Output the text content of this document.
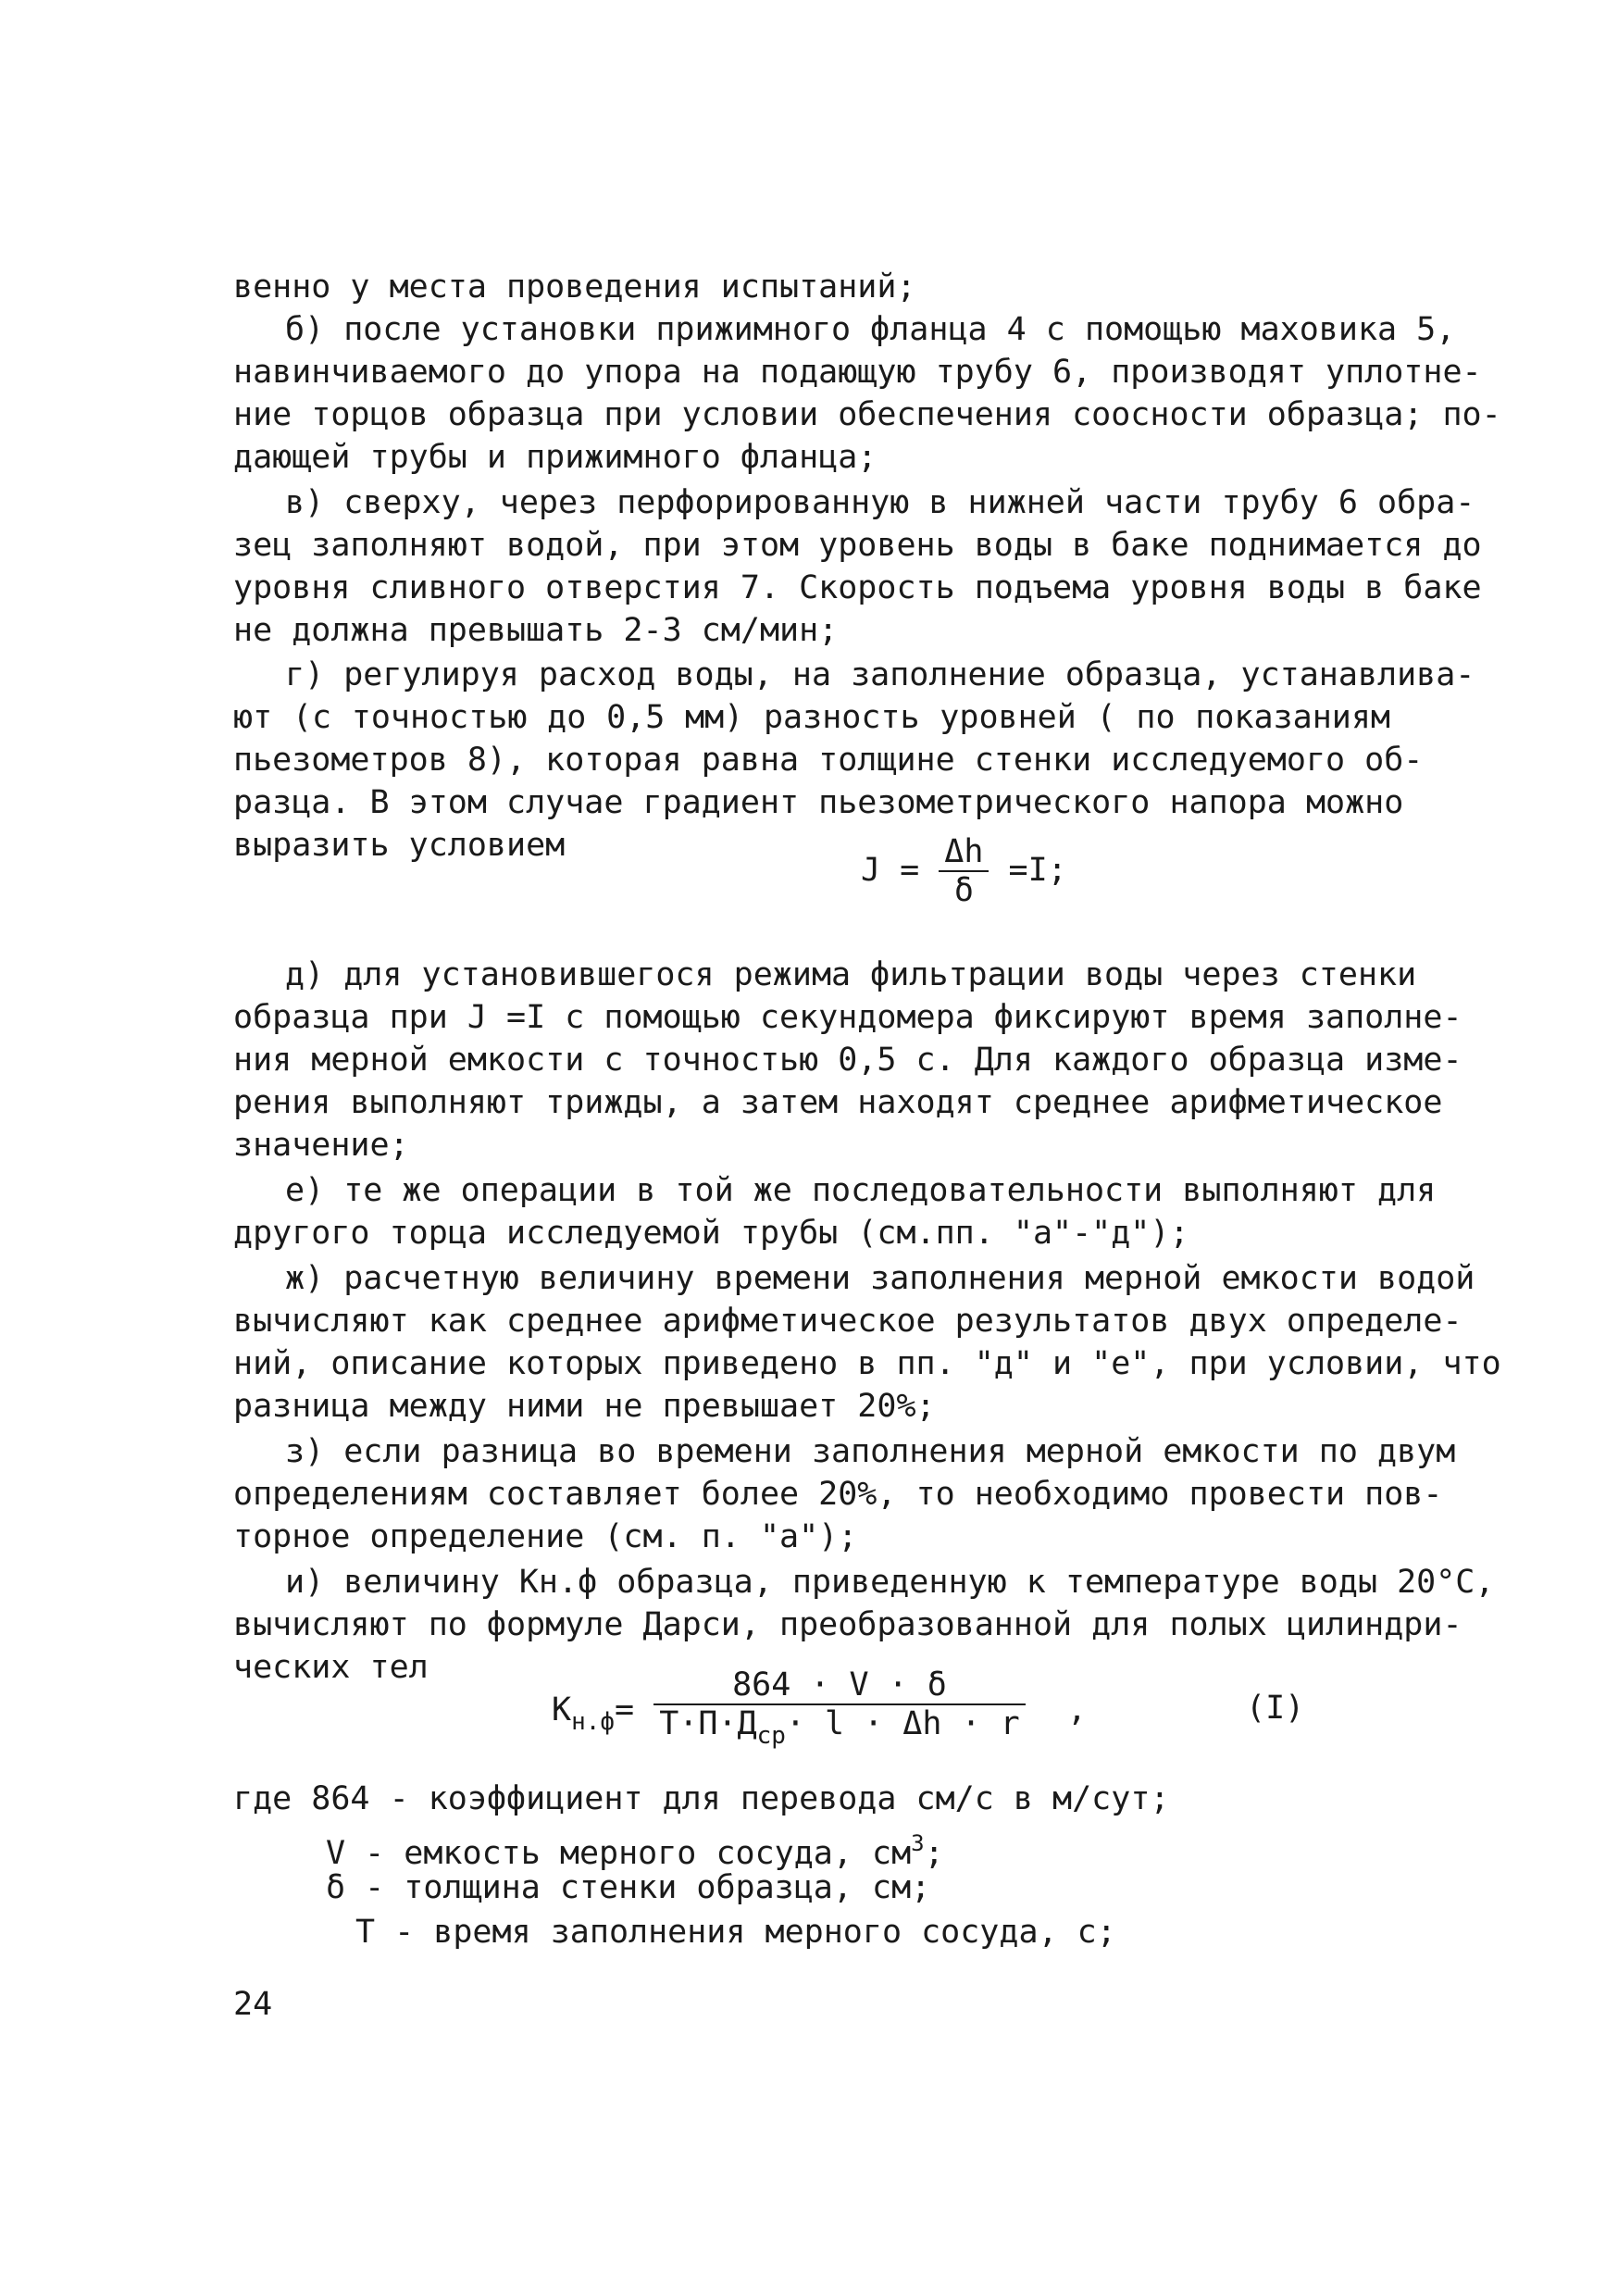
венно у места проведения испытаний;
б) после установки прижимного фланца 4 с помощью маховика 5,
навинчиваемого до упора на подающую трубу 6, производят уплотне-
ние торцов образца при условии обеспечения соосности образца; по-
дающей трубы и прижимного фланца;
в) сверху, через перфорированную в нижней части трубу 6 обра-
зец заполняют водой, при этом уровень воды в баке поднимается до
уровня сливного отверстия 7. Скорость подъема уровня воды в баке
не должна превышать 2-3 см/мин;
г) регулируя расход воды, на заполнение образца, устанавлива-
ют (с точностью до 0,5 мм) разность уровней ( по показаниям
пьезометров 8), которая равна толщине стенки исследуемого об-
разца. В этом случае градиент пьезометрического напора можно
выразить условием
$Ј = \frac{\Delta h}{\delta} =I$;
д) для установившегося режима фильтрации воды через стенки
образца при Ј =I с помощью секундомера фиксируют время заполне-
ния мерной емкости с точностью 0,5 с. Для каждого образца изме-
рения выполняют трижды, а затем находят среднее арифметическое
значение;
е) те же операции в той же последовательности выполняют для
другого торца исследуемой трубы (см.пп. "а"-"д");
ж) расчетную величину времени заполнения мерной емкости водой
вычисляют как среднее арифметическое результатов двух определе-
ний, описание которых приведено в пп. "д" и "е", при условии, что
разница между ними не превышает 20%;
з) если разница во времени заполнения мерной емкости по двум
определениям составляет более 20%, то необходимо провести пов-
торное определение (см. п. "а");
и) величину Кн.ф образца, приведенную к температуре воды 20°С,
вычисляют по формуле Дарси, преобразованной для полых цилиндри-
ческих тел
$К_{н.ф}= \frac{864 \cdot V \cdot \delta}{Т\cdot П\cdot Д_{ср}\cdot l \cdot \Delta h \cdot r}$ ,	(I)
где 864 - коэффициент для перевода см/с в м/сут;
V - емкость мерного сосуда, $см^3$;
δ - толщина стенки образца, см;
Т - время заполнения мерного сосуда, с;
24
